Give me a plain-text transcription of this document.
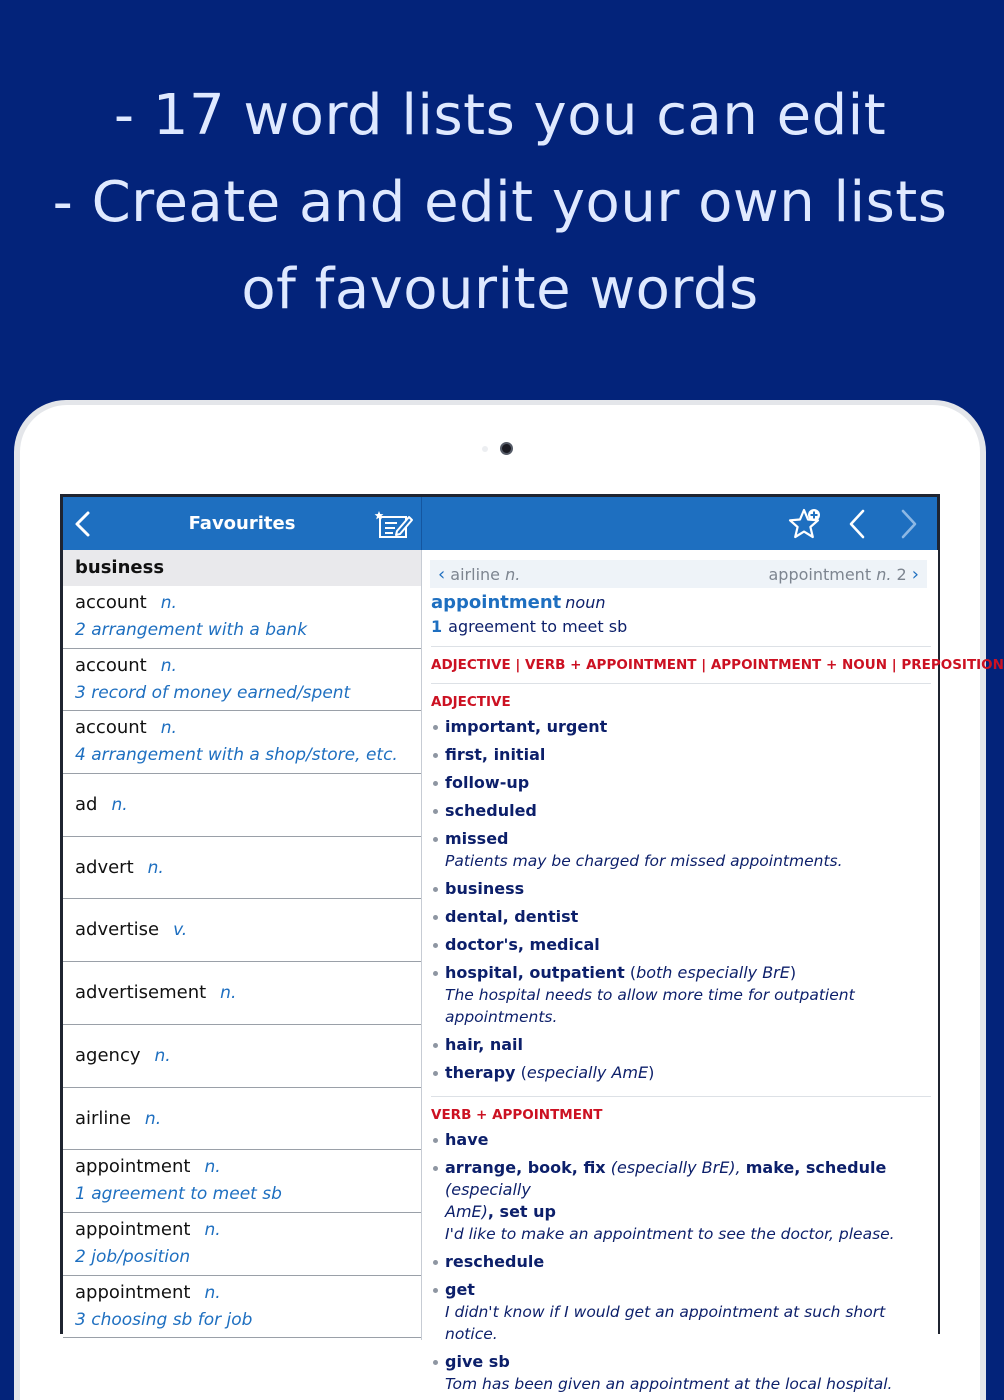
- 17 word lists you can edit
- Create and edit your own lists
of favourite words
Favourites
business
account n.
2 arrangement with a bank
account n.
3 record of money earned/spent
account n.
4 arrangement with a shop/store, etc.
ad n.
advert n.
advertise v.
advertisement n.
agency n.
airline n.
appointment n.
1 agreement to meet sb
appointment n.
2 job/position
appointment n.
3 choosing sb for job
‹ airline n.	appointment n. 2 ›
appointment noun
1 agreement to meet sb
ADJECTIVE | VERB + APPOINTMENT | APPOINTMENT + NOUN | PREPOSITION
ADJECTIVE
important, urgent
first, initial
follow-up
scheduled
missed
Patients may be charged for missed appointments.
business
dental, dentist
doctor's, medical
hospital, outpatient (both especially BrE)
The hospital needs to allow more time for outpatient appointments.
hair, nail
therapy (especially AmE)
VERB + APPOINTMENT
have
arrange, book, fix (especially BrE), make, schedule (especially
AmE), set up
I'd like to make an appointment to see the doctor, please.
reschedule
get
I didn't know if I would get an appointment at such short notice.
give sb
Tom has been given an appointment at the local hospital.
